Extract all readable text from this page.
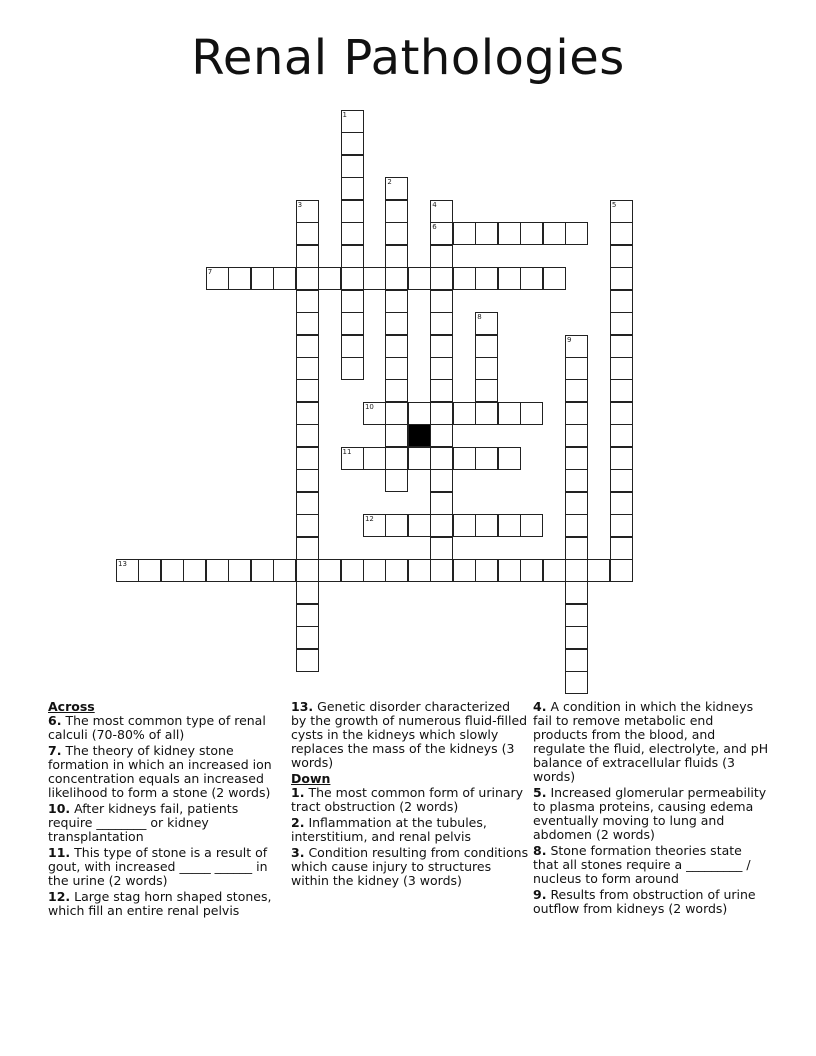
Renal Pathologies
1
2
3	4
6
5
7
8
9
10
11
12
13

Across

6. The most common type of renal calculi (70-80% of all)

7. The theory of kidney stone formation in which an increased ion concentration equals an increased likelihood to form a stone (2 words)

10. After kidneys fail, patients require ________ or kidney transplantation

11. This type of stone is a result of gout, with increased _____ ______ in the urine (2 words)

12. Large stag horn shaped stones, which fill an entire renal pelvis

13. Genetic disorder characterized by the growth of numerous fluid-filled cysts in the kidneys which slowly replaces the mass of the kidneys (3 words)

Down

1. The most common form of urinary tract obstruction (2 words)

2. Inflammation at the tubules, interstitium, and renal pelvis

3. Condition resulting from conditions which cause injury to structures within the kidney (3 words)

4. A condition in which the kidneys fail to remove metabolic end products from the blood, and regulate the fluid, electrolyte, and pH balance of extracellular fluids (3 words)

5. Increased glomerular permeability to plasma proteins, causing edema eventually moving to lung and abdomen (2 words)

8. Stone formation theories state that all stones require a _________ / nucleus to form around

9. Results from obstruction of urine outflow from kidneys (2 words)
